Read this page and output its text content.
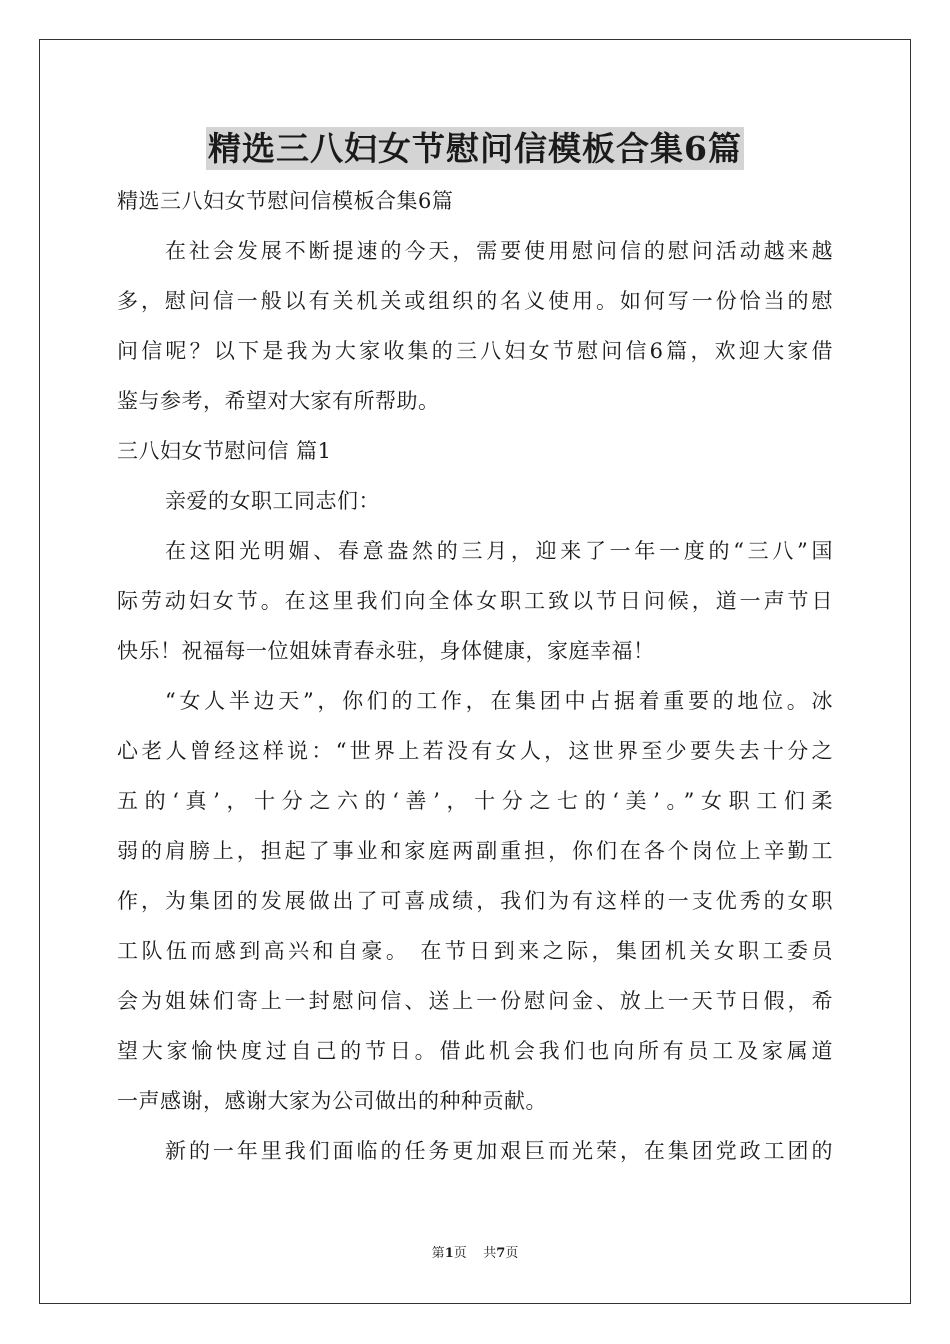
精选三八妇女节慰问信模板合集6篇
精选三八妇女节慰问信模板合集6篇
在社会发展不断提速的今天，需要使用慰问信的慰问活动越来越
多，慰问信一般以有关机关或组织的名义使用。如何写一份恰当的慰
问信呢？以下是我为大家收集的三八妇女节慰问信6篇，欢迎大家借
鉴与参考，希望对大家有所帮助。
三八妇女节慰问信 篇1
亲爱的女职工同志们：
在这阳光明媚、春意盎然的三月，迎来了一年一度的“三八”国
际劳动妇女节。在这里我们向全体女职工致以节日问候，道一声节日
快乐！祝福每一位姐妹青春永驻，身体健康，家庭幸福！
“女人半边天”，你们的工作，在集团中占据着重要的地位。冰
心老人曾经这样说：“世界上若没有女人，这世界至少要失去十分之
五的‘真’，十分之六的‘善’，十分之七的‘美’。”女职工们柔
弱的肩膀上，担起了事业和家庭两副重担，你们在各个岗位上辛勤工
作，为集团的发展做出了可喜成绩，我们为有这样的一支优秀的女职
工队伍而感到高兴和自豪。 在节日到来之际，集团机关女职工委员
会为姐妹们寄上一封慰问信、送上一份慰问金、放上一天节日假，希
望大家愉快度过自己的节日。借此机会我们也向所有员工及家属道
一声感谢，感谢大家为公司做出的种种贡献。
新的一年里我们面临的任务更加艰巨而光荣，在集团党政工团的
第1页    共7页
